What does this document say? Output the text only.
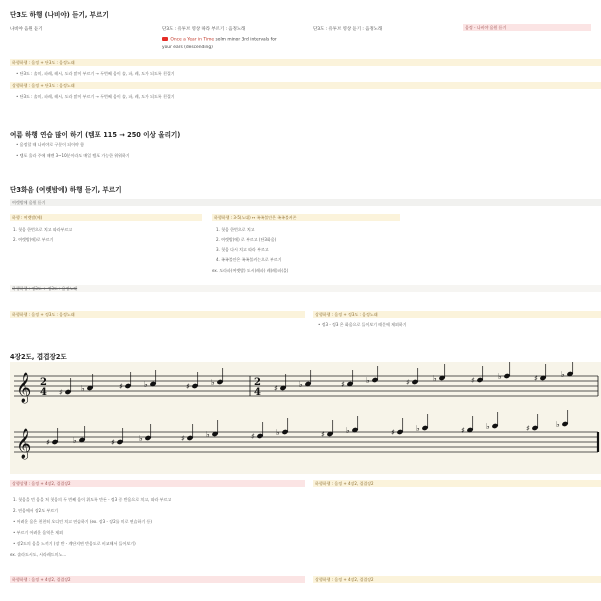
단3도 하행 (나비야) 듣기, 부르기
나비야 음원 듣기	단3도 : 유투브 영상 따라 부르기 : 음정노래
Once a Year in Time solm minor 3rd intervals for
your ears (descending)
단3도 : 유투브 영상 듣기 : 음정노래	음정 - 나비야 음원 듣기
하행하행 : 음정 + 단3도 : 음정노래
• 단3도 : 솔미, 파레, 레시, 도라 많이 부르기 → 두번째 음이 솔, 파, 레, 도가 되도록 친절기
상행하행 : 음정 + 단3도 : 음정노래
• 단3도 : 솔미, 파레, 레시, 도라 많이 부르기 → 두번째 음이 솔, 파, 레, 도가 되도록 친절기
여름 하행 연습 많이 하기 (템포 115 → 250 이상 올리기)
• 음정할 때 나비야로 구분이 되어야 함
• 템포 올라 주에 때엔 3~10분이라도 매일 템포 가능한 워워하기
단3화음 (여렛밤에) 하행 듣기, 부르기
여렛밤에 음원 듣기
하행 : 여렛밤(에)
1. 첫음 한번으로 치고 따라부르고
2. 여렛밤(에)로 부르기
하행하행 : 3-5(노대) ↔ 족족불안은 족족불켜존
1. 첫음 한번으로 치고
2. 여렛밤(에) 로 부르고 (단3화음)
3. 첫음 다시 치고 따라 부르고
4. 족족불안은 족족불켜는으로 부르기
ex. 도라파(여렛밤) 도시(레파) 레(레)파(을)
하행하행 : 정3도 + 정3도 : 음정노래
하행하행 : 음정 + 정3도 : 음정노래	상행하행 : 음정 + 정3도 : 음정노래
• 정3 - 정3 은 화음으로 들이보기 때문에 제외하기
4장2도, 겹겹장2도
𝄞
𝄞
2
4
2
4
♯ ♭	♯	♭	♯	♭
♯	♭	♯	♭	♯	♭	♯	♭	♯	♭
♯	♭	♯	♭	♯	♭	♯	♭	♯	♭	♯	♭	♯	♭	♯	♭
상행상행 : 음정 + 4장2, 겹겹장2	하행하행 : 음정 + 4장2, 겹겹장2
1. 첫음을 먼 음을 쳐 첫음의 두 번째 음이 위도록 만든 - 정3 중 반음으로 치고, 따라 부르고
2. 연음에서 장2도 부르기
• 어려운 음은 천천히 오디언 치고 연습하기 (ex. 장3 - 장2를 미로 연습하기 등)
• 부르기 어려운 음역은 제외
• 장2도의 음을 느끼기 (장 반 - 계단지면 반음도로 비교해서 들어보기)
ex. 솔라도시도, 시라레드미노...
하행하행 : 음정 + 4장2, 겹겹장2	상행하행 : 음정 + 4장2, 겹겹장2
